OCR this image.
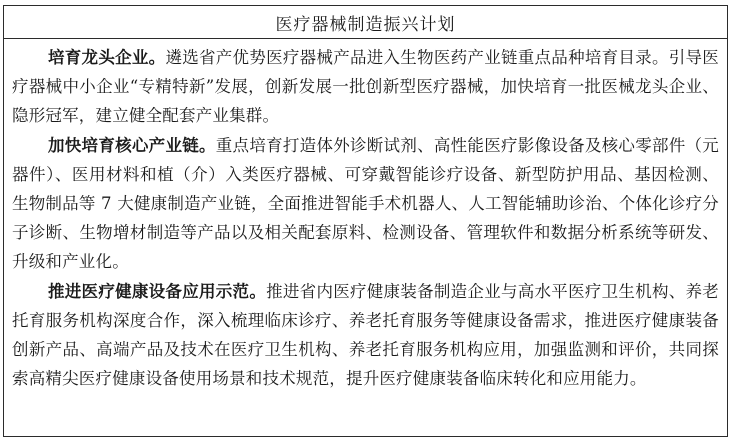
医疗器械制造振兴计划

培育龙头企业。遴选省产优势医疗器械产品进入生物医药产业链重点品种培育目录。引导医疗器械中小企业“专精特新”发展，创新发展一批创新型医疗器械，加快培育一批医械龙头企业、隐形冠军，建立健全配套产业集群。

加快培育核心产业链。重点培育打造体外诊断试剂、高性能医疗影像设备及核心零部件（元器件）、医用材料和植（介）入类医疗器械、可穿戴智能诊疗设备、新型防护用品、基因检测、生物制品等 7 大健康制造产业链，全面推进智能手术机器人、人工智能辅助诊治、个体化诊疗分子诊断、生物增材制造等产品以及相关配套原料、检测设备、管理软件和数据分析系统等研发、升级和产业化。

推进医疗健康设备应用示范。推进省内医疗健康装备制造企业与高水平医疗卫生机构、养老托育服务机构深度合作，深入梳理临床诊疗、养老托育服务等健康设备需求，推进医疗健康装备创新产品、高端产品及技术在医疗卫生机构、养老托育服务机构应用，加强监测和评价，共同探索高精尖医疗健康设备使用场景和技术规范，提升医疗健康装备临床转化和应用能力。
